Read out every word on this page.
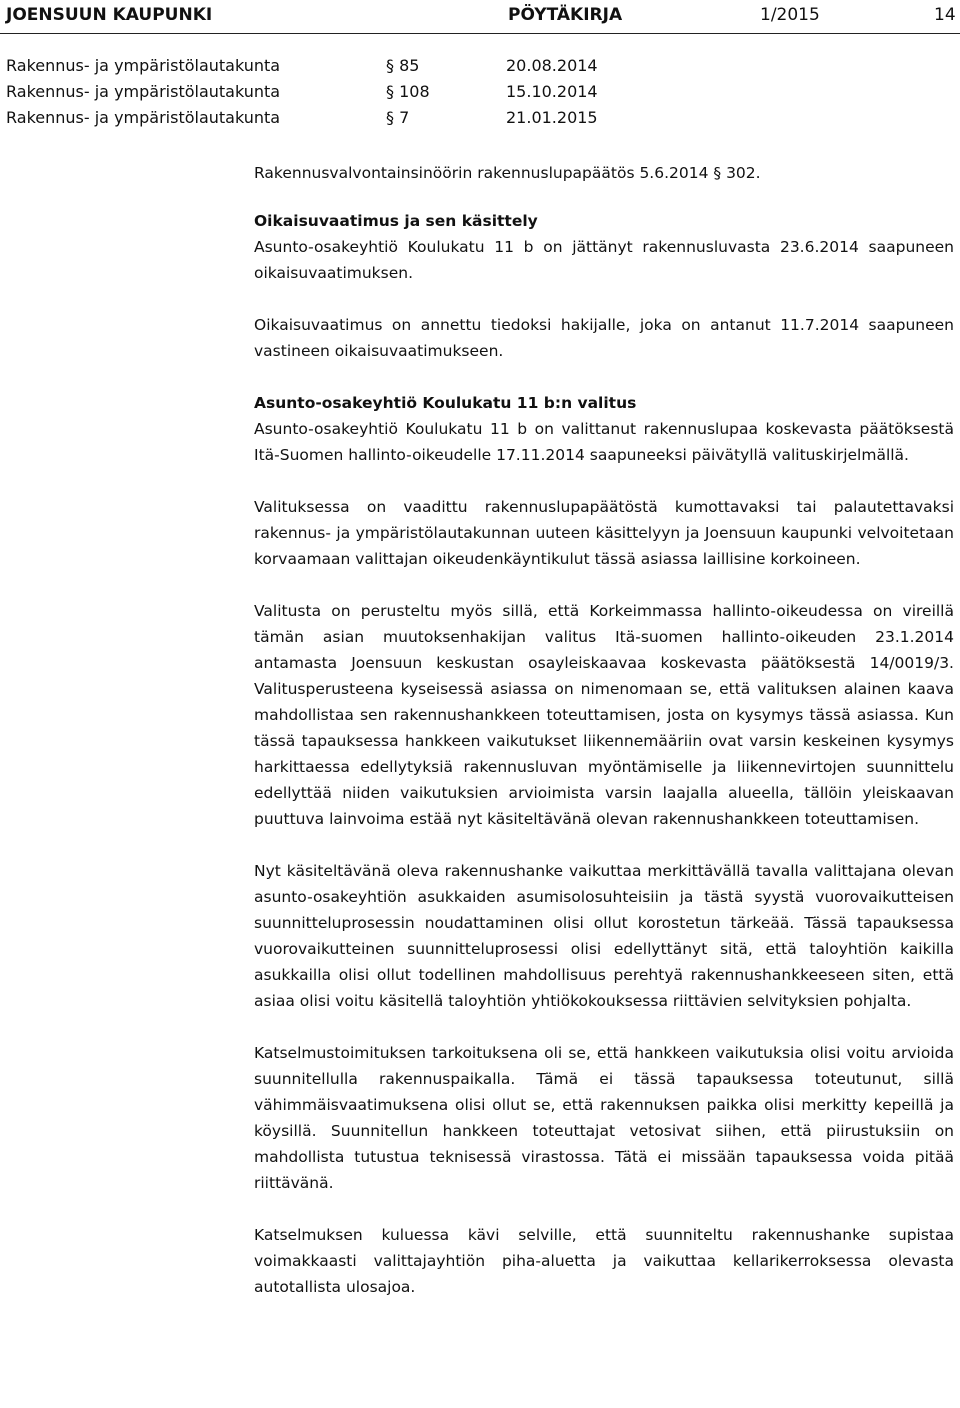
JOENSUUN KAUPUNKI	PÖYTÄKIRJA	1/2015	14
Rakennus- ja ympäristölautakunta	§ 85	20.08.2014
Rakennus- ja ympäristölautakunta	§ 108	15.10.2014
Rakennus- ja ympäristölautakunta	§ 7	21.01.2015

Rakennusvalvontainsinöörin rakennuslupapäätös 5.6.2014 § 302.

Oikaisuvaatimus ja sen käsittely

Asunto-osakeyhtiö Koulukatu 11 b on jättänyt rakennusluvasta 23.6.2014 saapuneen oikaisuvaatimuksen.

Oikaisuvaatimus on annettu tiedoksi hakijalle, joka on antanut 11.7.2014 saapuneen vastineen oikaisuvaatimukseen.

Asunto-osakeyhtiö Koulukatu 11 b:n valitus

Asunto-osakeyhtiö Koulukatu 11 b on valittanut rakennuslupaa koskevasta päätöksestä Itä-Suomen hallinto-oikeudelle 17.11.2014 saapuneeksi päivätyllä valituskirjelmällä.

Valituksessa on vaadittu rakennuslupapäätöstä kumottavaksi tai palautettavaksi rakennus- ja ympäristölautakunnan uuteen käsittelyyn ja Joensuun kaupunki velvoitetaan korvaamaan valittajan oikeudenkäyntikulut tässä asiassa laillisine korkoineen.

Valitusta on perusteltu myös sillä, että Korkeimmassa hallinto-oikeudessa on vireillä tämän asian muutoksenhakijan valitus Itä-suomen hallinto-oikeuden 23.1.2014 antamasta Joensuun keskustan osayleiskaavaa koskevasta päätöksestä 14/0019/3. Valitusperusteena kyseisessä asiassa on nimenomaan se, että valituksen alainen kaava mahdollistaa sen rakennushankkeen toteuttamisen, josta on kysymys tässä asiassa. Kun tässä tapauksessa hankkeen vaikutukset liikennemääriin ovat varsin keskeinen kysymys harkittaessa edellytyksiä rakennusluvan myöntämiselle ja liikennevirtojen suunnittelu edellyttää niiden vaikutuksien arvioimista varsin laajalla alueella, tällöin yleiskaavan puuttuva lainvoima estää nyt käsiteltävänä olevan rakennushankkeen toteuttamisen.

Nyt käsiteltävänä oleva rakennushanke vaikuttaa merkittävällä tavalla valittajana olevan asunto-osakeyhtiön asukkaiden asumisolosuhteisiin ja tästä syystä vuorovaikutteisen suunnitteluprosessin noudattaminen olisi ollut korostetun tärkeää. Tässä tapauksessa vuorovaikutteinen suunnitteluprosessi olisi edellyttänyt sitä, että taloyhtiön kaikilla asukkailla olisi ollut todellinen mahdollisuus perehtyä rakennushankkeeseen siten, että asiaa olisi voitu käsitellä taloyhtiön yhtiökokouksessa riittävien selvityksien pohjalta.

Katselmustoimituksen tarkoituksena oli se, että hankkeen vaikutuksia olisi voitu arvioida suunnitellulla rakennuspaikalla. Tämä ei tässä tapauksessa toteutunut, sillä vähimmäisvaatimuksena olisi ollut se, että rakennuksen paikka olisi merkitty kepeillä ja köysillä. Suunnitellun hankkeen toteuttajat vetosivat siihen, että piirustuksiin on mahdollista tutustua teknisessä virastossa. Tätä ei missään tapauksessa voida pitää riittävänä.

Katselmuksen kuluessa kävi selville, että suunniteltu rakennushanke supistaa voimakkaasti valittajayhtiön piha-aluetta ja vaikuttaa kellarikerroksessa olevasta autotallista ulosajoa.
